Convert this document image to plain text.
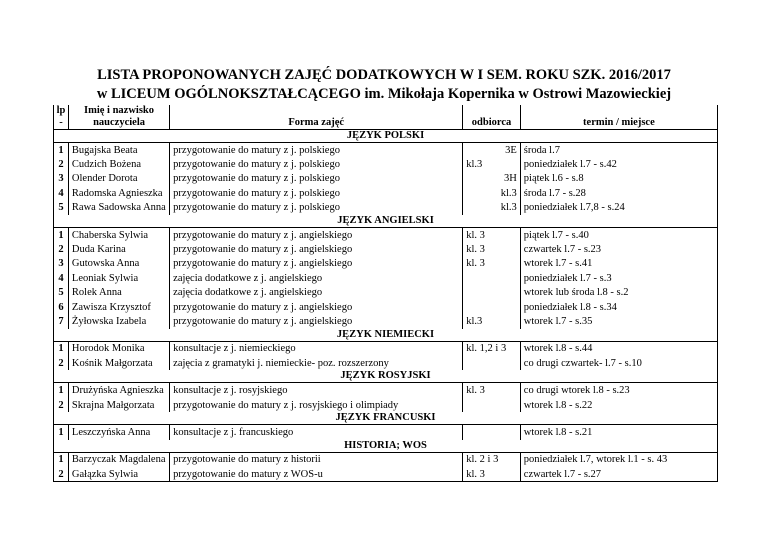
LISTA PROPONOWANYCH ZAJĘĆ DODATKOWYCH W I SEM. ROKU SZK. 2016/2017
w LICEUM OGÓLNOKSZTAŁCĄCEGO im. Mikołaja Kopernika w Ostrowi Mazowieckiej
lp
-	Imię i nazwisko
nauczyciela	Forma zajęć	odbiorca	termin / miejsce
JĘZYK POLSKI				
1	Bugajska Beata	przygotowanie do matury z j. polskiego	3E	środa l.7
2	Cudzich Bożena	przygotowanie do matury z j. polskiego	kl.3	poniedziałek l.7 - s.42
3	Olender Dorota	przygotowanie do matury z j. polskiego	3H	piątek l.6 - s.8
4	Radomska Agnieszka	przygotowanie do matury z j. polskiego	kl.3	środa l.7 - s.28
5	Rawa Sadowska Anna	przygotowanie do matury z j. polskiego	kl.3	poniedziałek l.7,8 - s.24
JĘZYK ANGIELSKI				
1	Chaberska Sylwia	przygotowanie do matury z j. angielskiego	kl. 3	piątek l.7 - s.40
2	Duda Karina	przygotowanie do matury z j. angielskiego	kl. 3	czwartek l.7 - s.23
3	Gutowska Anna	przygotowanie do matury z j. angielskiego	kl. 3	wtorek l.7 - s.41
4	Leoniak Sylwia	zajęcia dodatkowe z j. angielskiego		poniedziałek l.7 - s.3
5	Rolek Anna	zajęcia dodatkowe z j. angielskiego		wtorek lub środa l.8 - s.2
6	Zawisza Krzysztof	przygotowanie do matury z j. angielskiego		poniedziałek l.8 - s.34
7	Żyłowska Izabela	przygotowanie do matury z j. angielskiego	kl.3	wtorek l.7 - s.35
JĘZYK NIEMIECKI				
1	Horodok Monika	konsultacje z j. niemieckiego	kl. 1,2 i 3	wtorek l.8 - s.44
2	Kośnik Małgorzata	zajęcia z gramatyki j. niemieckie- poz. rozszerzony		co drugi czwartek- l.7 - s.10
JĘZYK ROSYJSKI				
1	Drużyńska Agnieszka	konsultacje z j. rosyjskiego	kl. 3	co drugi wtorek l.8 - s.23
2	Skrajna Małgorzata	przygotowanie do matury z j. rosyjskiego i olimpiady		wtorek l.8 - s.22
JĘZYK FRANCUSKI				
1	Leszczyńska Anna	konsultacje z j. francuskiego		wtorek l.8 - s.21
HISTORIA; WOS				
1	Barzyczak Magdalena	przygotowanie do matury z historii	kl. 2 i 3	poniedziałek l.7, wtorek l.1 - s. 43
2	Gałązka Sylwia	przygotowanie do matury z WOS-u	kl. 3	czwartek l.7 - s.27
